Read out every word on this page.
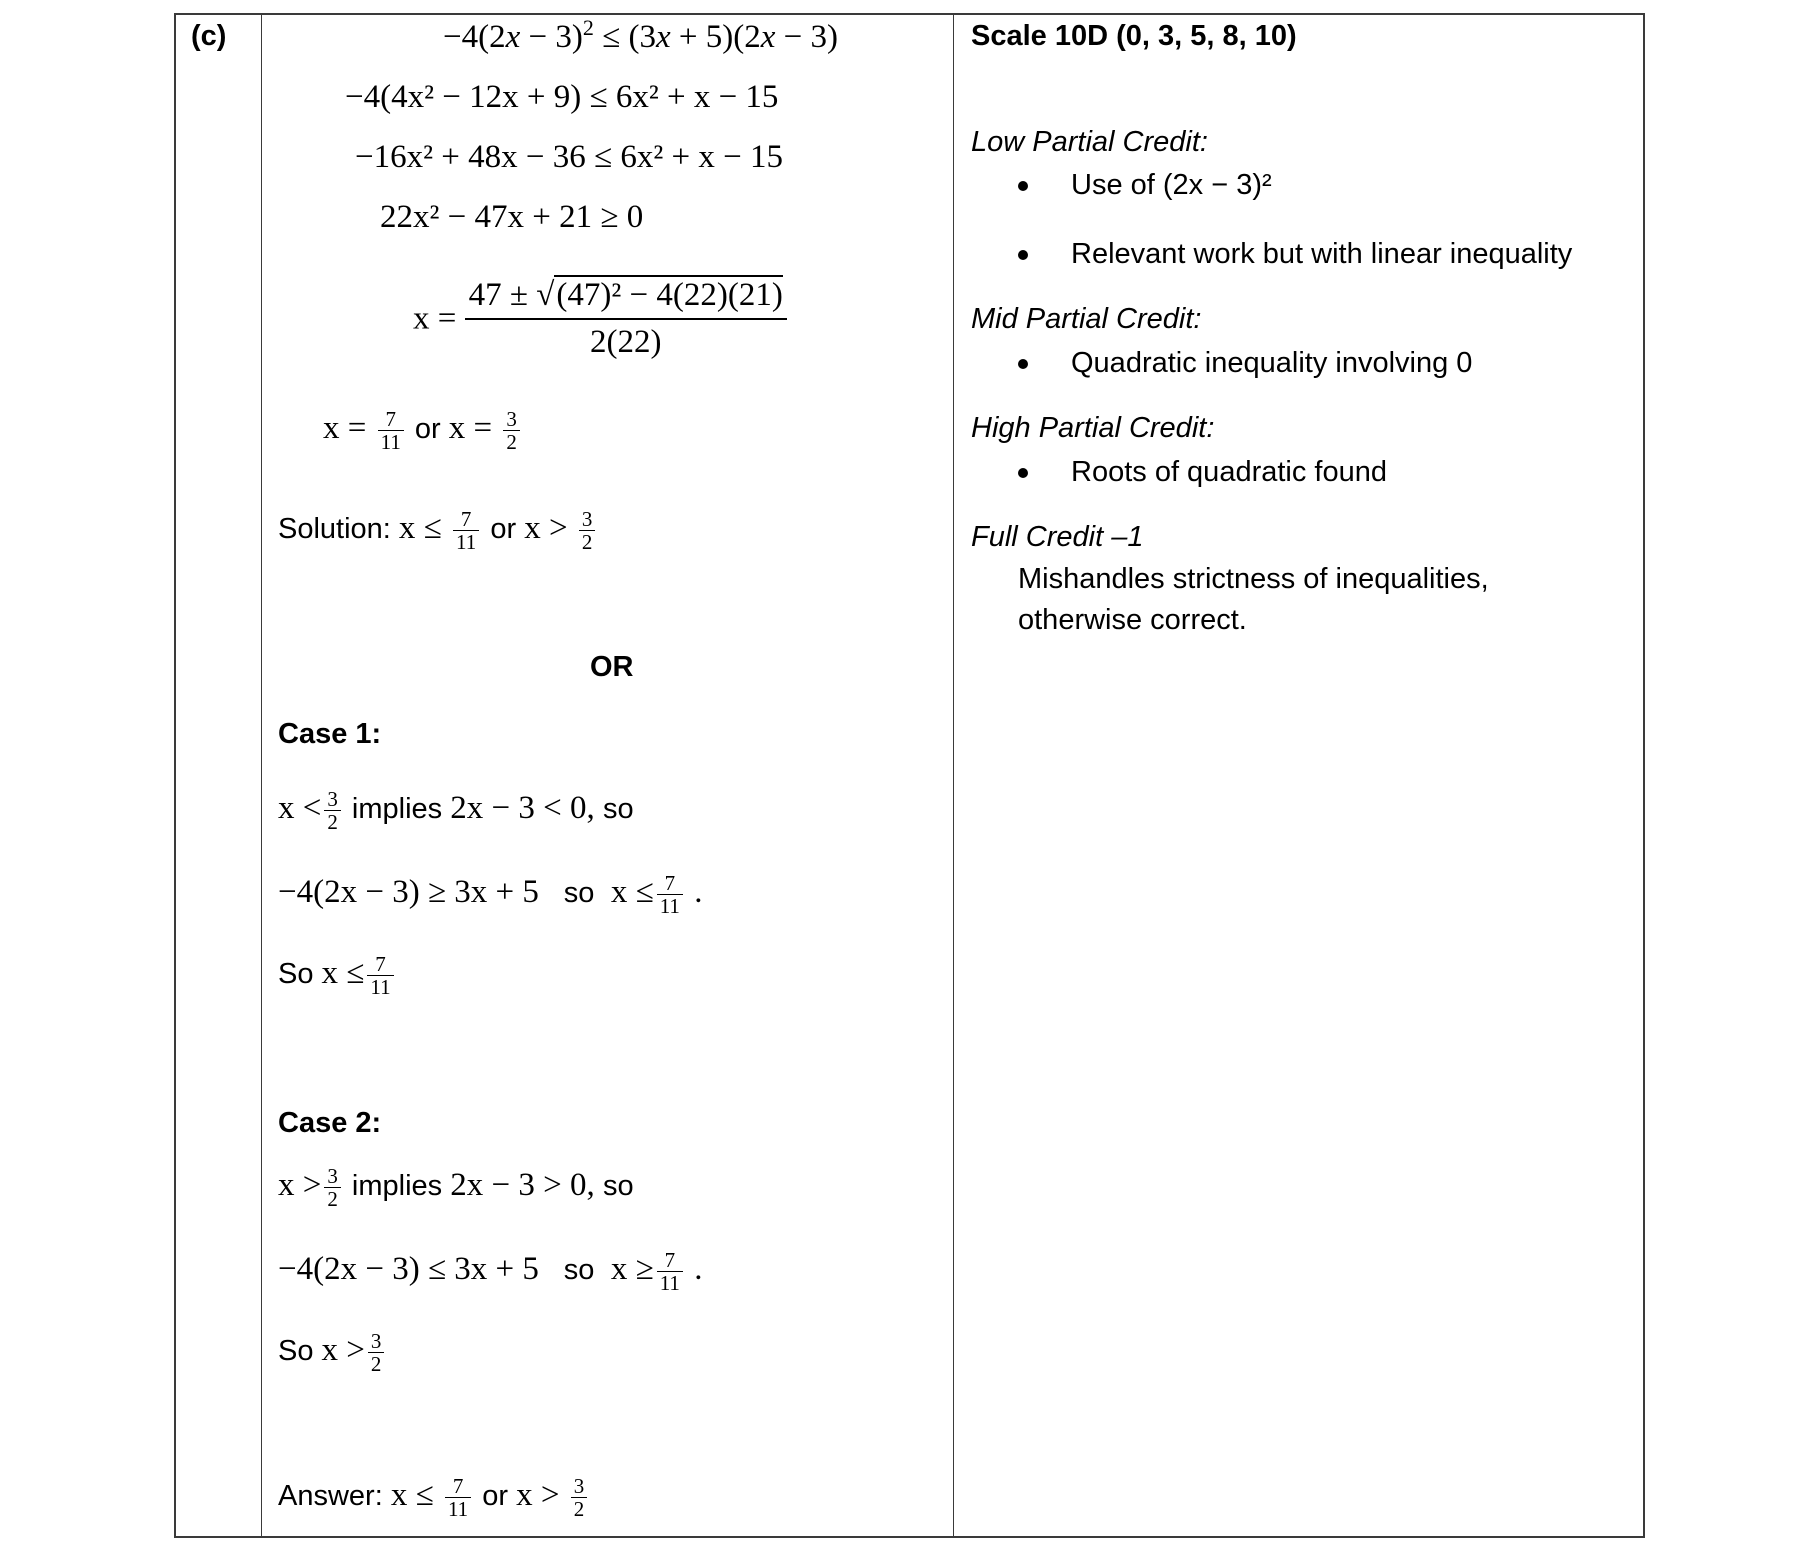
(c)	$-4(2x - 3)^2 \le (3x + 5)(2x - 3)$
−4(4x² − 12x + 9) ≤ 6x² + x − 15
−16x² + 48x − 36 ≤ 6x² + x − 15
22x² − 47x + 21 ≥ 0
$x = \frac{\text{47 ± √(47)² − 4(22)(21)}}{2(22)}$
$x = \frac{7}{11}$ or $x = \frac{3}{2}$
Solution: $x \le \frac{7}{11}$ or $x > \frac{3}{2}$
OR
Case 1:
$x < \frac{3}{2}$ implies 2x − 3 < 0, so
−4(2x − 3) ≥ 3x + 5 so $x \le \frac{7}{11}$ .
So $x \le \frac{7}{11}$
Case 2:
$x > \frac{3}{2}$ implies 2x − 3 > 0, so
−4(2x − 3) ≤ 3x + 5 so $x \ge \frac{7}{11}$ .
So $x > \frac{3}{2}$
Answer: $x \le \frac{7}{11}$ or $x > \frac{3}{2}$
Scale 10D (0, 3, 5, 8, 10)
Low Partial Credit:
Use of (2x − 3)²
Relevant work but with linear inequality
Mid Partial Credit:
Quadratic inequality involving 0
High Partial Credit:
Roots of quadratic found
Full Credit –1
Mishandles strictness of inequalities,
otherwise correct.
